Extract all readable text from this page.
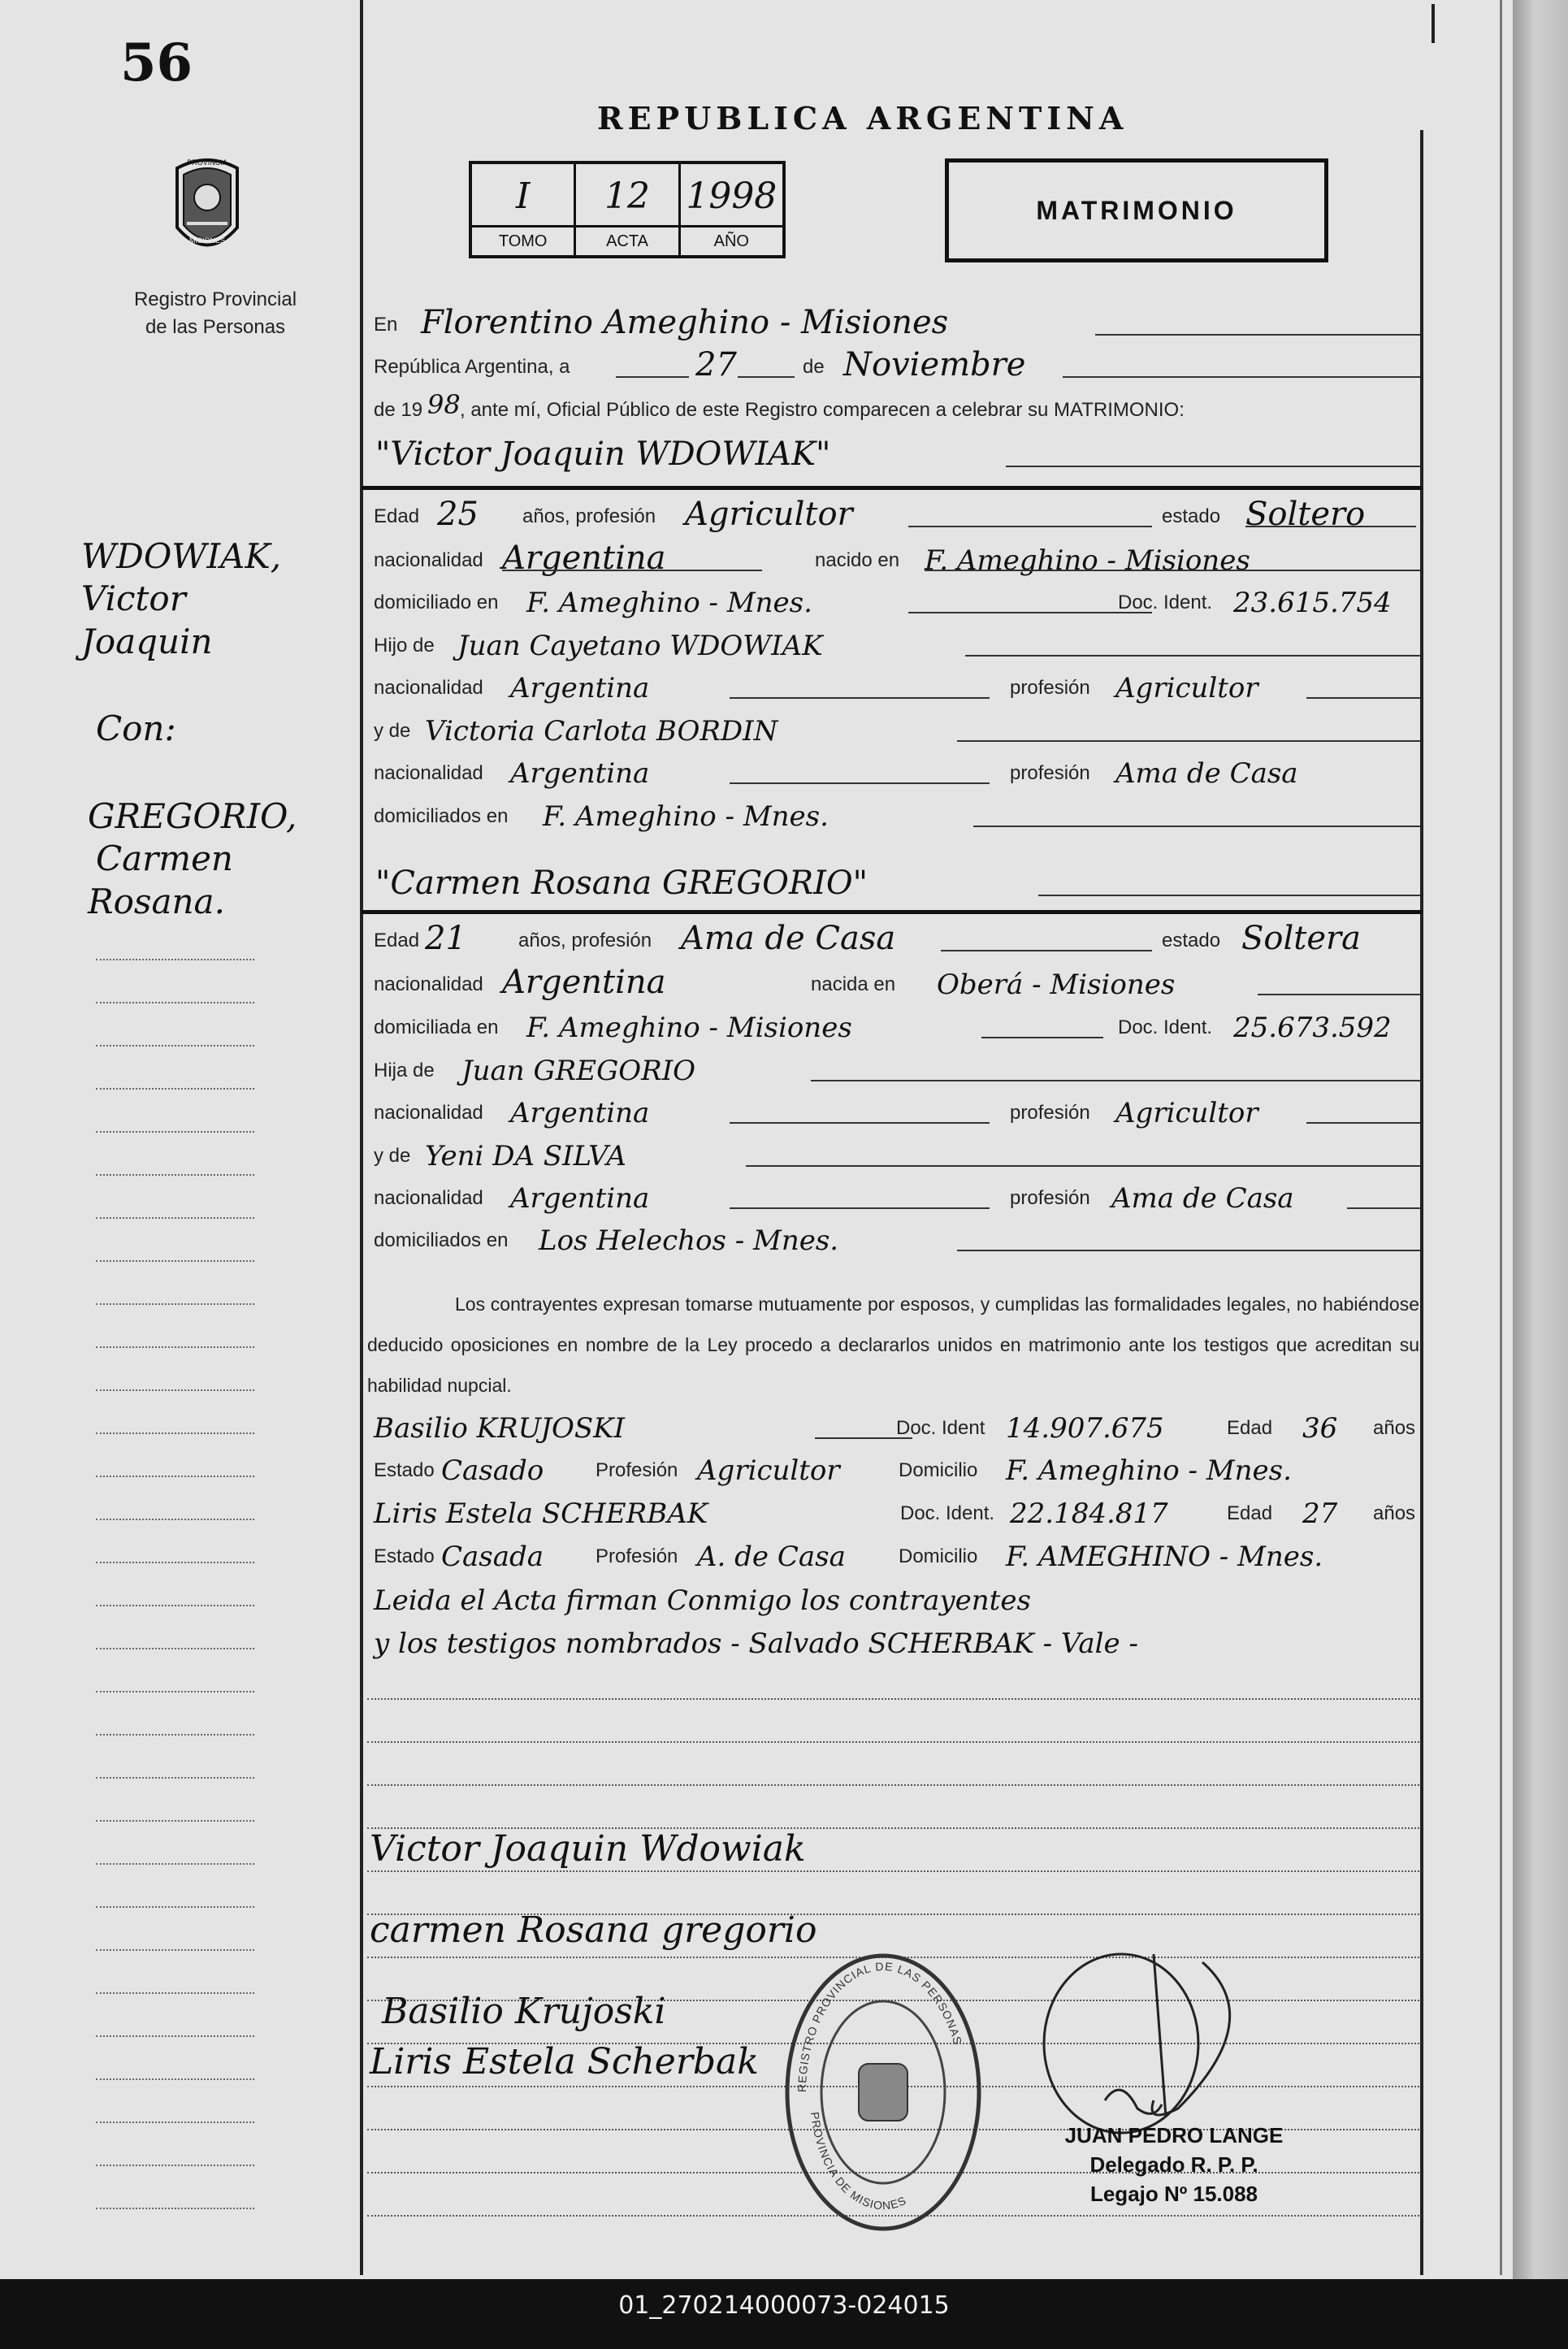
56
PROVINCIA
MISIONES
Registro Provincial
de las Personas
REPUBLICA ARGENTINA
I
TOMO
12
ACTA
1998
AÑO
MATRIMONIO
En Florentino Ameghino - Misiones
República Argentina, a	27	de Noviembre
de 19 98 , ante mí, Oficial Público de este Registro comparecen a celebrar su MATRIMONIO:
"Victor Joaquin WDOWIAK"
Edad 25 años, profesión Agricultor	estado Soltero
nacionalidad Argentina	nacido en F. Ameghino - Misiones
domiciliado en F. Ameghino - Mnes.	Doc. Ident. 23.615.754
Hijo de Juan Cayetano WDOWIAK
nacionalidad Argentina	profesión Agricultor
y de Victoria Carlota BORDIN
nacionalidad Argentina	profesión Ama de Casa
domiciliados en F. Ameghino - Mnes.
"Carmen Rosana GREGORIO"
Edad 21	años, profesión Ama de Casa	estado Soltera
nacionalidad Argentina	nacida en Oberá - Misiones
domiciliada en F. Ameghino - Misiones	Doc. Ident. 25.673.592
Hija de Juan GREGORIO
nacionalidad Argentina	profesión Agricultor
y de Yeni DA SILVA
nacionalidad Argentina	profesión Ama de Casa
domiciliados en Los Helechos - Mnes.
Los contrayentes expresan tomarse mutuamente por esposos, y cumplidas las formalidades legales, no habiéndose deducido oposiciones en nombre de la Ley procedo a declararlos unidos en matrimonio ante los testigos que acreditan su habilidad nupcial.
Basilio KRUJOSKI	Doc. Ident 14.907.675	Edad 36 años
Estado Casado	Profesión Agricultor	Domicilio F. Ameghino - Mnes.
Liris Estela SCHERBAK	Doc. Ident. 22.184.817	Edad 27 años
Estado Casada	Profesión A. de Casa	Domicilio F. AMEGHINO - Mnes.
Leida el Acta firman Conmigo los contrayentes
y los testigos nombrados - Salvado SCHERBAK - Vale -
WDOWIAK,
Victor
Joaquin
Con:
GREGORIO,
Carmen
Rosana.
Victor Joaquin Wdowiak
carmen Rosana gregorio
Basilio Krujoski
Liris Estela Scherbak
REGISTRO PROVINCIAL DE LAS PERSONAS
PROVINCIA DE MISIONES
JUAN PEDRO LANGE
Delegado R. P. P.
Legajo Nº 15.088
01_270214000073-024015
